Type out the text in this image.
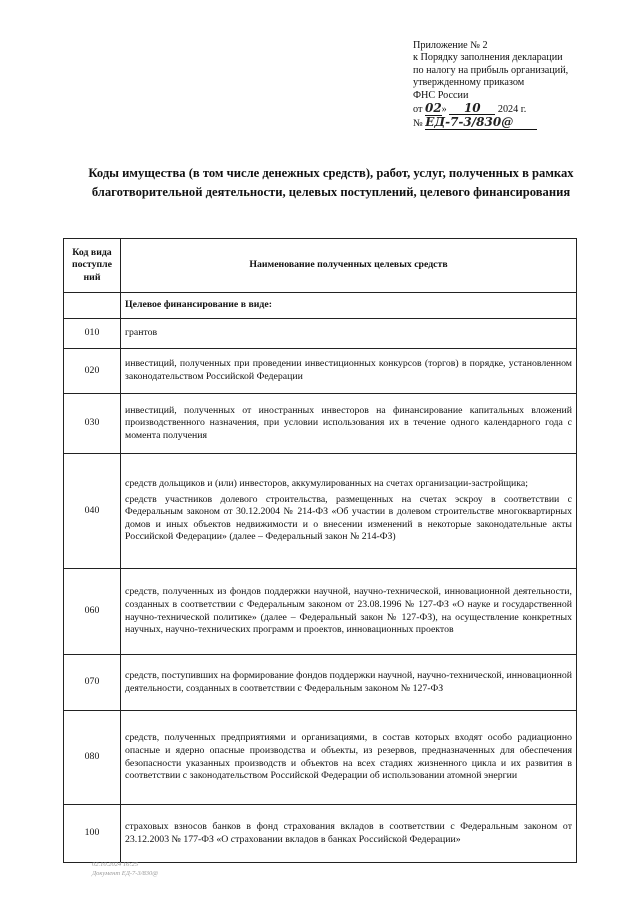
Приложение № 2
к Порядку заполнения декларации
по налогу на прибыль организаций,
утвержденному приказом
ФНС России
от 02» 10 2024 г.
№ ЕД-7-3/830@
Коды имущества (в том числе денежных средств), работ, услуг, полученных в рамках благотворительной деятельности, целевых поступлений, целевого финансирования
Код вида поступле ний	Наименование полученных целевых средств
	Целевое финансирование в виде:
010	грантов

020	инвестиций, полученных при проведении инвестиционных конкурсов (торгов) в порядке, установленном законодательством Российской Федерации

030	инвестиций, полученных от иностранных инвесторов на финансирование капитальных вложений производственного назначения, при условии использования их в течение одного календарного года с момента получения

040	средств дольщиков и (или) инвесторов, аккумулированных на счетах организации-застройщика;

средств участников долевого строительства, размещенных на счетах эскроу в соответствии с Федеральным законом от 30.12.2004 № 214-ФЗ «Об участии в долевом строительстве многоквартирных домов и иных объектов недвижимости и о внесении изменений в некоторые законодательные акты Российской Федерации» (далее – Федеральный закон № 214-ФЗ)

060	средств, полученных из фондов поддержки научной, научно-технической, инновационной деятельности, созданных в соответствии с Федеральным законом от 23.08.1996 № 127-ФЗ «О науке и государственной научно-технической политике» (далее – Федеральный закон № 127-ФЗ), на осуществление конкретных научных, научно-технических программ и проектов, инновационных проектов

070	средств, поступивших на формирование фондов поддержки научной, научно-технической, инновационной деятельности, созданных в соответствии с Федеральным законом № 127-ФЗ

080	средств, полученных предприятиями и организациями, в состав которых входят особо радиационно опасные и ядерно опасные производства и объекты, из резервов, предназначенных для обеспечения безопасности указанных производств и объектов на всех стадиях жизненного цикла и их развития в соответствии с законодательством Российской Федерации об использовании атомной энергии

100	страховых взносов банков в фонд страхования вкладов в соответствии с Федеральным законом от 23.12.2003 № 177-ФЗ «О страховании вкладов в банках Российской Федерации»

02.10.2024 16:25
Документ ЕД-7-3/830@
